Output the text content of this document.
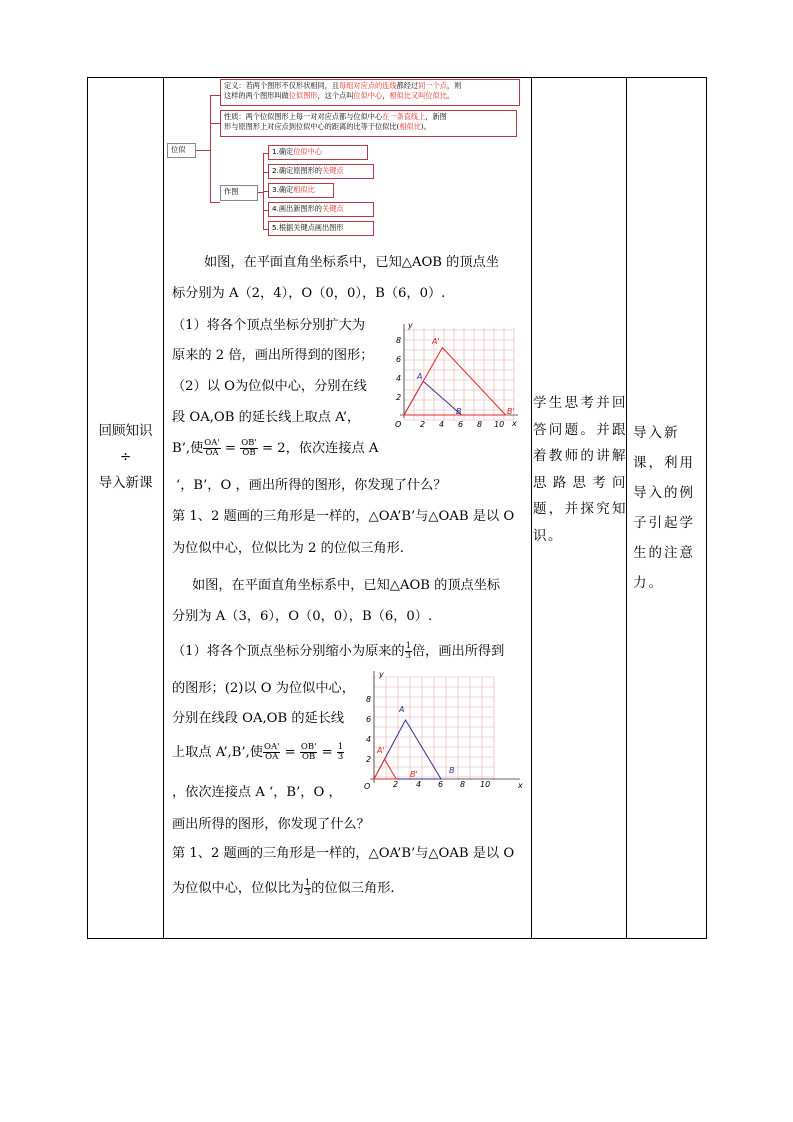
回顾知识
÷
导入新课
学生思考并回答问题。并跟着教师的讲解思路思考问题，并探究知识。
导入新课，利用导入的例子引起学生的注意力。
位似
定义：若两个图形不仅形状相同，且每组对应点的连线都经过同一个点，则
这样的两个图形叫做位似图形，这个点叫位似中心，相似比又叫位似比。
性质：两个位似图形上每一对对应点都与位似中心在一条直线上，新图
形与原图形上对应点到位似中心的距离的比等于位似比(相似比)。
作图
1.确定位似中心
2.确定原图形的关键点
3.确定相似比
4.画出新图形的关键点
5.根据关键点画出图形
如图，在平面直角坐标系中，已知△AOB 的顶点坐
标分别为 A（2，4），O（0，0），B（6，0）.
（1）将各个顶点坐标分别扩大为
原来的 2 倍，画出所得到的图形；
（2）以 O为位似中心，分别在线
段 OA,OB 的延长线上取点 A’，
B’,使 $\frac{OA'}{OA} = \frac{OB'}{OB} = 2$，依次连接点 A
‘，B’，O ，画出所得的图形，你发现了什么？
第 1、2 题画的三角形是一样的，△OA’B’与△OAB 是以 O
为位似中心，位似比为 2 的位似三角形.
2 4 6 8 10
2
4
6
8
O	x
y
A
B
A'
B'
如图，在平面直角坐标系中，已知△AOB 的顶点坐标
分别为 A（3，6），O（0，0），B（6，0）.
（1）将各个顶点坐标分别缩小为原来的 $\frac{1}{3}$ 倍，画出所得到
的图形；(2)以 O 为位似中心，
分别在线段 OA,OB 的延长线
上取点 A’,B’,使 $\frac{OA'}{OA} = \frac{OB'}{OB} = \frac{1}{3}$
，依次连接点 A ‘，B’，O ，
画出所得的图形，你发现了什么？
第 1、2 题画的三角形是一样的，△OA’B’与△OAB 是以 O
为位似中心，位似比为 $\frac{1}{3}$ 的位似三角形.
2 4 6 8 10
2
4
6
8
O	x
y
A
B
A'
B'
